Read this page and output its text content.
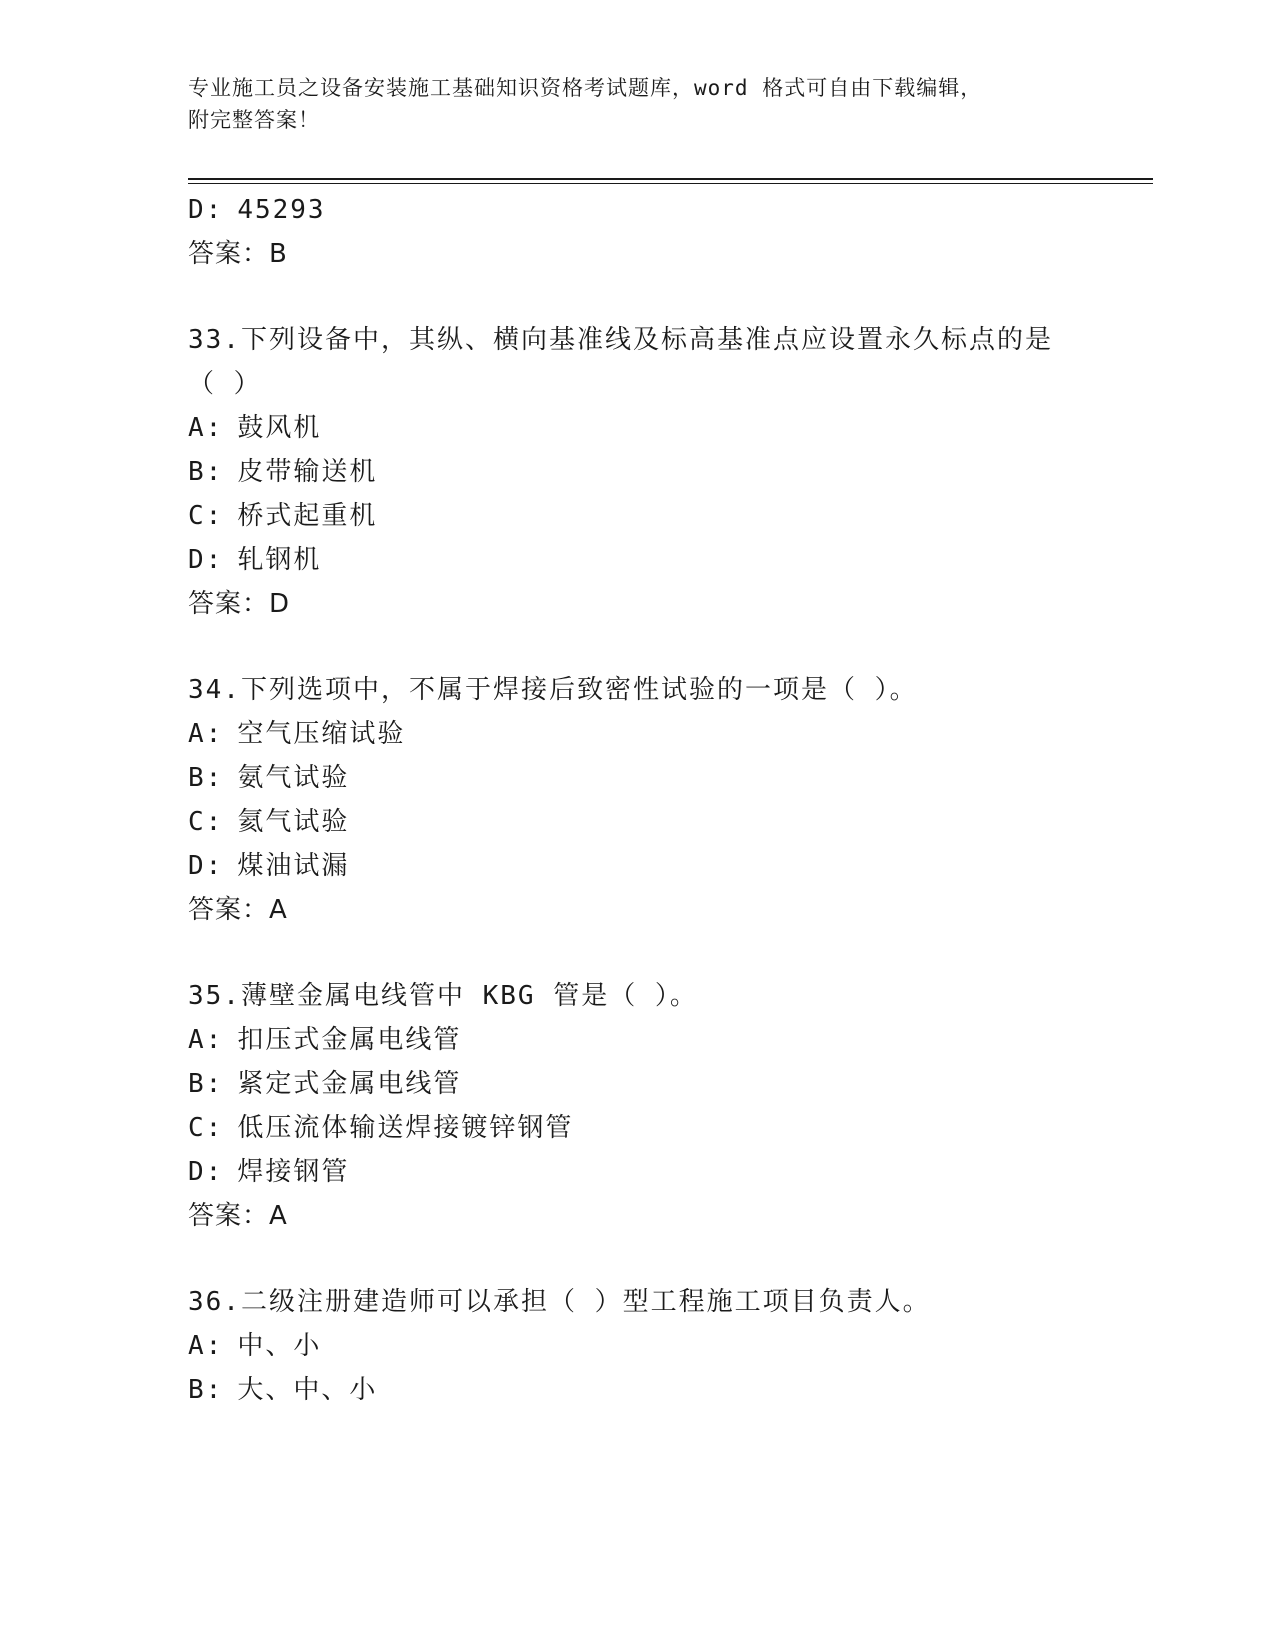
专业施工员之设备安装施工基础知识资格考试题库，word 格式可自由下载编辑，
附完整答案！
D: 45293
答案：B
33.下列设备中，其纵、横向基准线及标高基准点应设置永久标点的是
（ ）
A: 鼓风机
B: 皮带输送机
C: 桥式起重机
D: 轧钢机
答案：D
34.下列选项中，不属于焊接后致密性试验的一项是（ ）。
A: 空气压缩试验
B: 氨气试验
C: 氦气试验
D: 煤油试漏
答案：A
35.薄壁金属电线管中 KBG 管是（ ）。
A: 扣压式金属电线管
B: 紧定式金属电线管
C: 低压流体输送焊接镀锌钢管
D: 焊接钢管
答案：A
36.二级注册建造师可以承担（ ）型工程施工项目负责人。
A: 中、小
B: 大、中、小
